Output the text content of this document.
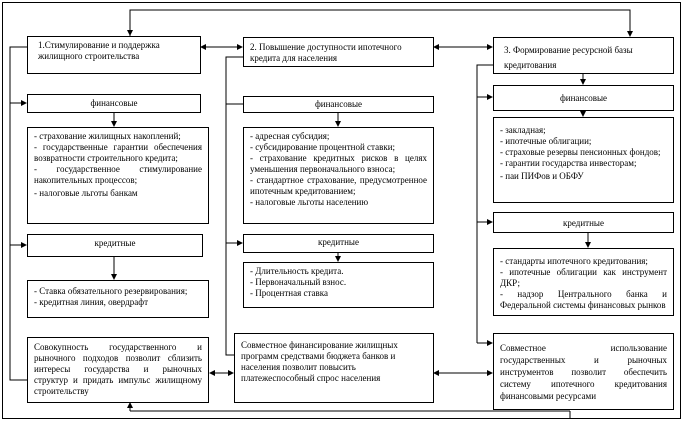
1.Стимулирование и поддержка жилищного строительства
финансовые
- страхование жилищных накоплений;
- государственные гарантии обеспечения возвратности строительного кредита;
- государственное стимулирование накопительных процессов;
- налоговые льготы банкам
кредитные
- Ставка обязательного резервирования;
- кредитная линия, овердрафт
Совокупность государственного и рыночного подходов позволит сблизить интересы государства и рыночных структур и придать импульс жилищному строительству
2. Повышение доступности ипотечного кредита для населения
финансовые
- адресная субсидия;
- субсидирование процентной ставки;
- страхование кредитных рисков в целях уменьшения первоначального взноса;
- стандартное страхование, предусмотренное ипотечным кредитованием;
- налоговые льготы населению
кредитные
- Длительность кредита.
- Первоначальный взнос.
- Процентная ставка
Совместное финансирование жилищных программ средствами бюджета банков и населения позволит повысить платежеспособный спрос населения
3. Формирование ресурсной базы кредитования
финансовые
- закладная;
- ипотечные облигации;
- страховые резервы пенсионных фондов;
- гарантии государства инвесторам;
- паи ПИФов и ОБФУ
кредитные
- стандарты ипотечного кредитования;
- ипотечные облигации как инструмент ДКР;
- надзор Центрального банка и Федеральной системы финансовых рынков
Совместное использование государственных и рыночных инструментов позволит обеспечить систему ипотечного кредитования финансовыми ресурсами
